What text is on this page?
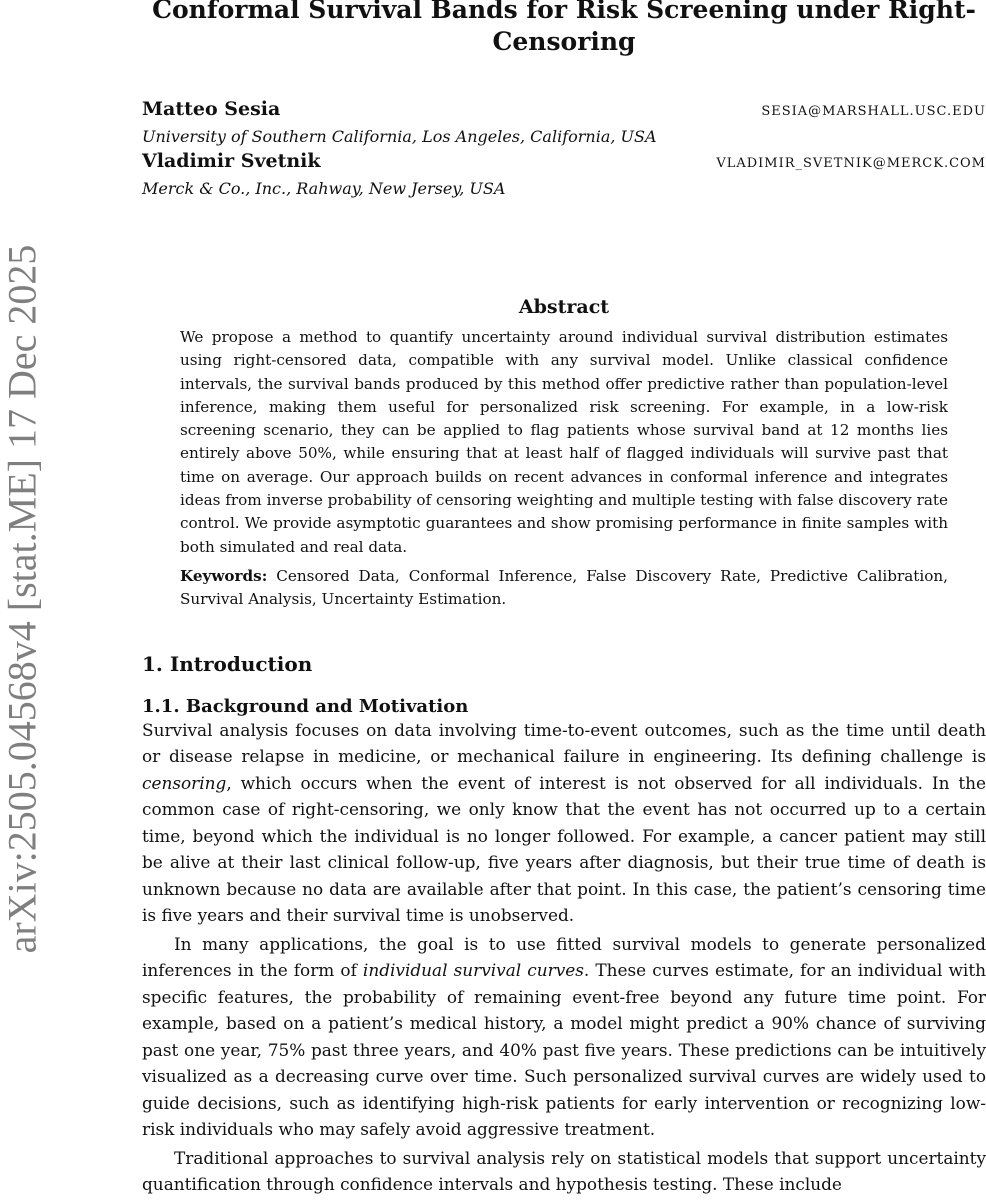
arXiv:2505.04568v4 [stat.ME] 17 Dec 2025
Conformal Survival Bands for Risk Screening under Right-Censoring
Matteo Sesia	SESIA@MARSHALL.USC.EDU
University of Southern California, Los Angeles, California, USA
Vladimir Svetnik	VLADIMIR_SVETNIK@MERCK.COM
Merck & Co., Inc., Rahway, New Jersey, USA
Abstract
We propose a method to quantify uncertainty around individual survival distribution estimates using right-censored data, compatible with any survival model. Unlike classical confidence intervals, the survival bands produced by this method offer predictive rather than population-level inference, making them useful for personalized risk screening. For example, in a low-risk screening scenario, they can be applied to flag patients whose survival band at 12 months lies entirely above 50%, while ensuring that at least half of flagged individuals will survive past that time on average. Our approach builds on recent advances in conformal inference and integrates ideas from inverse probability of censoring weighting and multiple testing with false discovery rate control. We provide asymptotic guarantees and show promising performance in finite samples with both simulated and real data.
Keywords: Censored Data, Conformal Inference, False Discovery Rate, Predictive Calibration, Survival Analysis, Uncertainty Estimation.
1. Introduction
1.1. Background and Motivation

Survival analysis focuses on data involving time-to-event outcomes, such as the time until death or disease relapse in medicine, or mechanical failure in engineering. Its defining challenge is censoring, which occurs when the event of interest is not observed for all individuals. In the common case of right-censoring, we only know that the event has not occurred up to a certain time, beyond which the individual is no longer followed. For example, a cancer patient may still be alive at their last clinical follow-up, five years after diagnosis, but their true time of death is unknown because no data are available after that point. In this case, the patient’s censoring time is five years and their survival time is unobserved.

In many applications, the goal is to use fitted survival models to generate personalized inferences in the form of individual survival curves. These curves estimate, for an individual with specific features, the probability of remaining event-free beyond any future time point. For example, based on a patient’s medical history, a model might predict a 90% chance of surviving past one year, 75% past three years, and 40% past five years. These predictions can be intuitively visualized as a decreasing curve over time. Such personalized survival curves are widely used to guide decisions, such as identifying high-risk patients for early intervention or recognizing low-risk individuals who may safely avoid aggressive treatment.

Traditional approaches to survival analysis rely on statistical models that support uncertainty quantification through confidence intervals and hypothesis testing. These include
